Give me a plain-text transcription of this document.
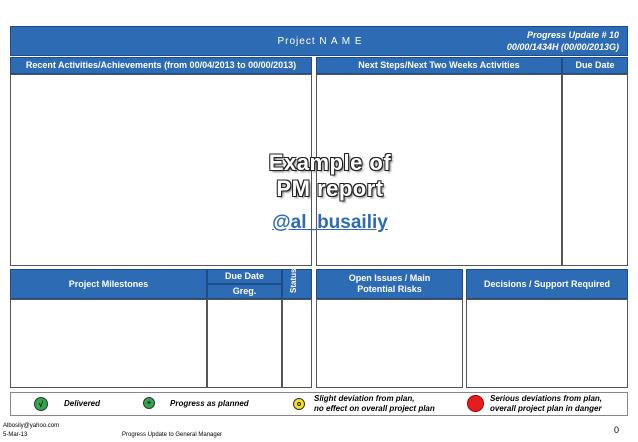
Project N A M E
Progress Update # 10
00/00/1434H (00/00/2013G)
Recent Activities/Achievements (from 00/04/2013 to 00/00/2013)	Next Steps/Next Two Weeks Activities	Due Date
Example of
PM report
@al_busailiy
Project Milestones
Due Date
Greg.	Status	Open Issues / Main Potential Risks
Decisions / Support Required
√	Delivered	+	Progress as planned	o
Slight deviation from plan,
no effect on overall project plan
Serious deviations from plan,
overall project plan in danger
Albosily@yahoo.com
5-Mar-13	Progress Update to General Manager	0
